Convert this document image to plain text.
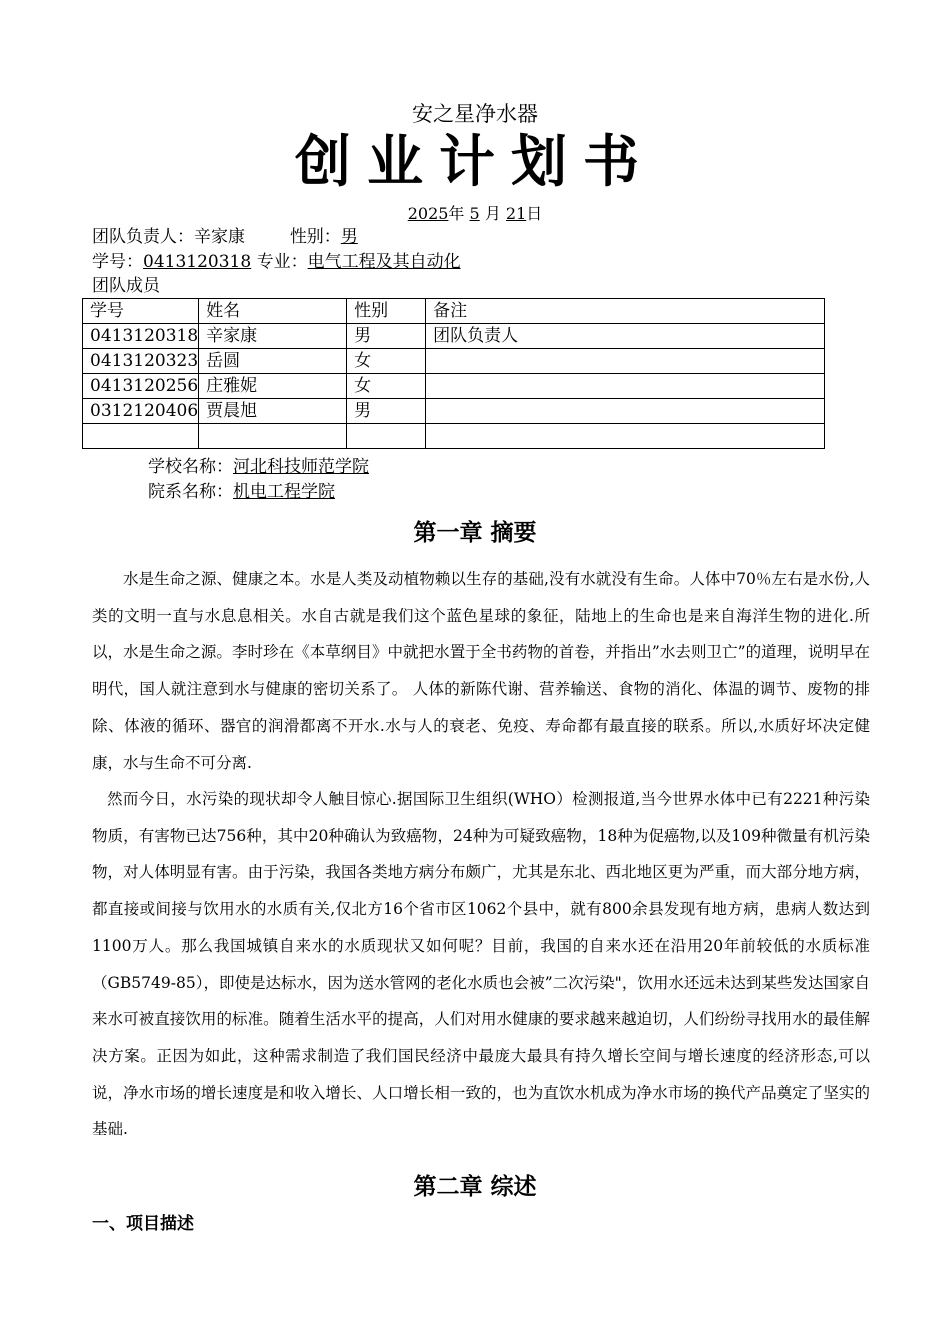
安之星净水器
创业计划书
2025年 5 月 21日
团队负责人：辛家康	性别：男
学号：0413120318 专业：电气工程及其自动化
团队成员
学号	姓名	性别	备注
0413120318	辛家康	男	团队负责人
0413120323	岳圆	女	
0413120256	庄雅妮	女	
0312120406	贾晨旭	男	

学校名称：河北科技师范学院
院系名称：机电工程学院
第一章 摘要

水是生命之源、健康之本。水是人类及动植物赖以生存的基础,没有水就没有生命。人体中70％左右是水份,人类的文明一直与水息息相关。水自古就是我们这个蓝色星球的象征，陆地上的生命也是来自海洋生物的进化.所以，水是生命之源。李时珍在《本草纲目》中就把水置于全书药物的首卷，并指出”水去则卫亡”的道理，说明早在明代，国人就注意到水与健康的密切关系了。 人体的新陈代谢、营养输送、食物的消化、体温的调节、废物的排除、体液的循环、器官的润滑都离不开水.水与人的衰老、免疫、寿命都有最直接的联系。所以,水质好坏决定健康，水与生命不可分离.

然而今日，水污染的现状却令人触目惊心.据国际卫生组织(WHO）检测报道,当今世界水体中已有2221种污染物质，有害物已达756种，其中20种确认为致癌物，24种为可疑致癌物，18种为促癌物,以及109种微量有机污染物，对人体明显有害。由于污染，我国各类地方病分布颇广，尤其是东北、西北地区更为严重，而大部分地方病，都直接或间接与饮用水的水质有关,仅北方16个省市区1062个县中，就有800余县发现有地方病，患病人数达到1100万人。那么我国城镇自来水的水质现状又如何呢？目前，我国的自来水还在沿用20年前较低的水质标准（GB5749-85），即使是达标水，因为送水管网的老化水质也会被”二次污染"，饮用水还远未达到某些发达国家自来水可被直接饮用的标准。随着生活水平的提高，人们对用水健康的要求越来越迫切，人们纷纷寻找用水的最佳解决方案。正因为如此，这种需求制造了我们国民经济中最庞大最具有持久增长空间与增长速度的经济形态,可以说，净水市场的增长速度是和收入增长、人口增长相一致的，也为直饮水机成为净水市场的换代产品奠定了坚实的基础.

第二章 综述
一、项目描述
